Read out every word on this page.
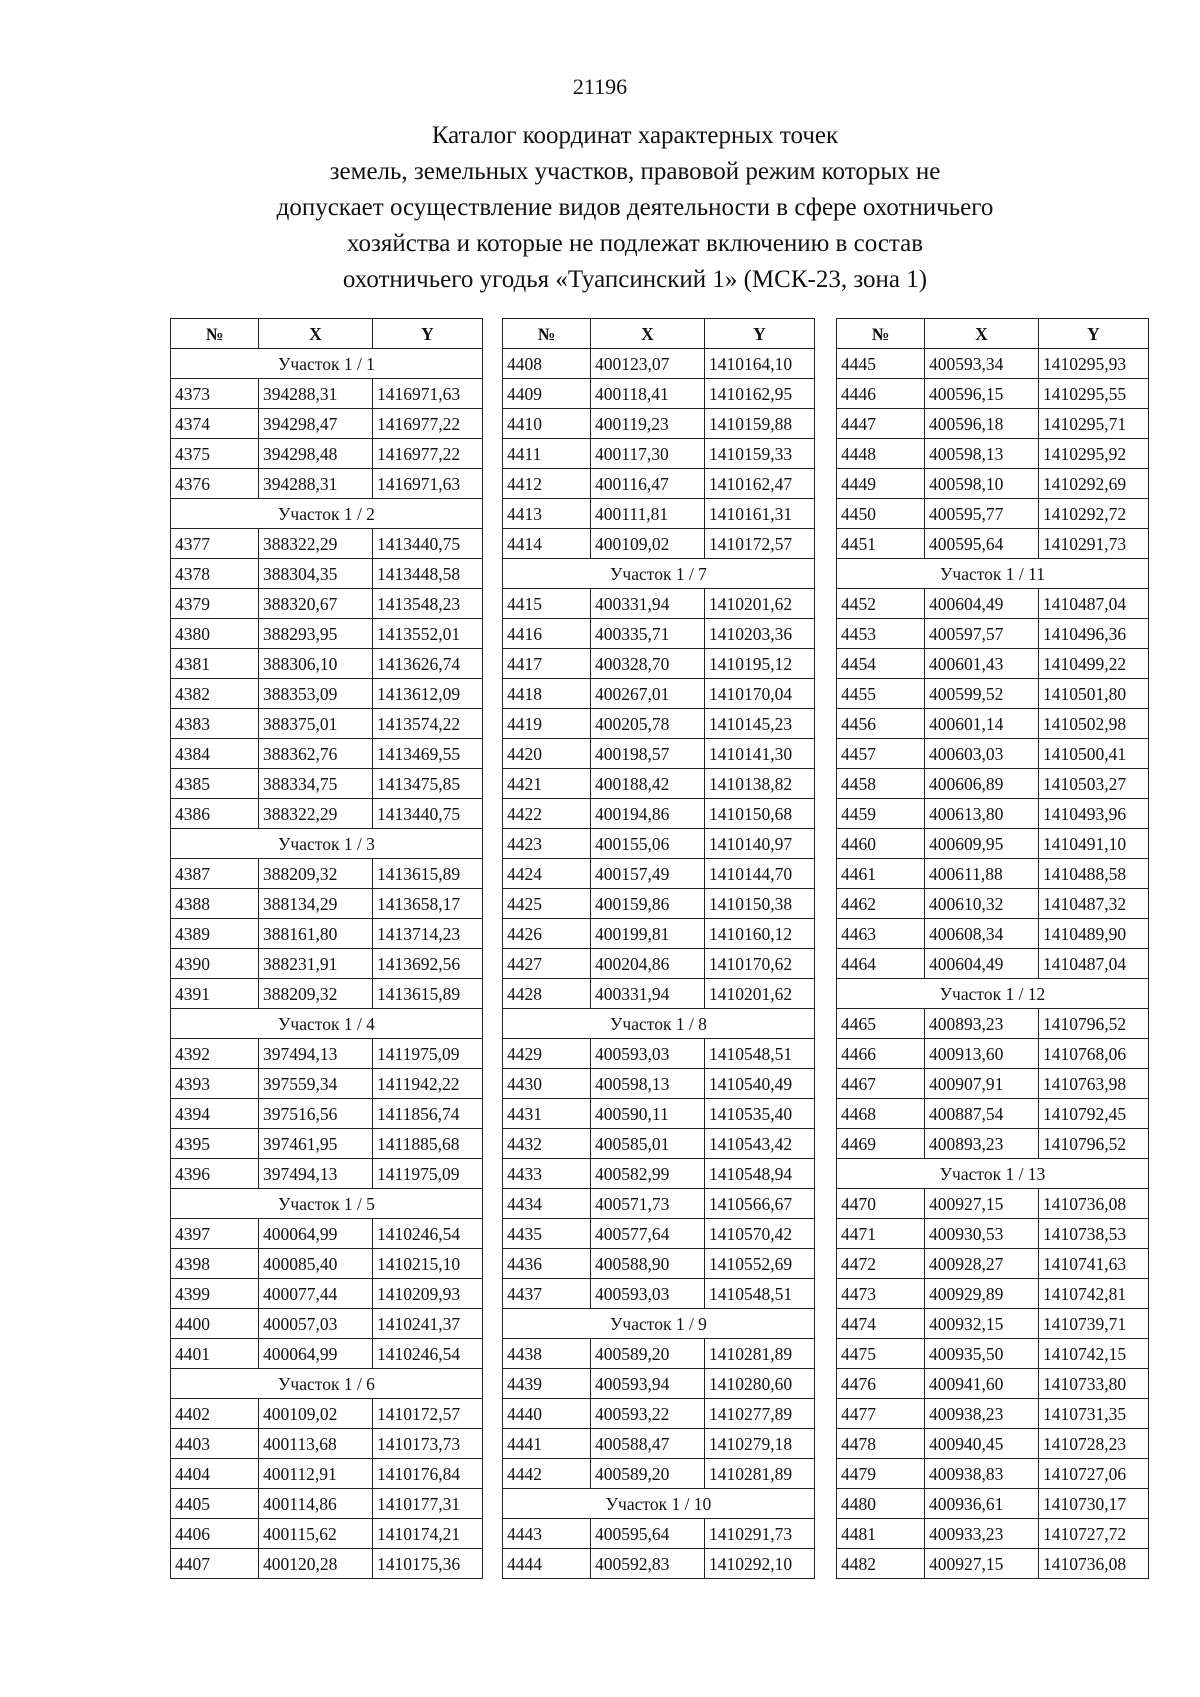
21196
Каталог координат характерных точек
земель, земельных участков, правовой режим которых не
допускает осуществление видов деятельности в сфере охотничьего
хозяйства и которые не подлежат включению в состав
охотничьего угодья «Туапсинский 1» (МСК-23, зона 1)
№	X	Y
Участок 1 / 1		
4373	394288,31	1416971,63
4374	394298,47	1416977,22
4375	394298,48	1416977,22
4376	394288,31	1416971,63
Участок 1 / 2		
4377	388322,29	1413440,75
4378	388304,35	1413448,58
4379	388320,67	1413548,23
4380	388293,95	1413552,01
4381	388306,10	1413626,74
4382	388353,09	1413612,09
4383	388375,01	1413574,22
4384	388362,76	1413469,55
4385	388334,75	1413475,85
4386	388322,29	1413440,75
Участок 1 / 3		
4387	388209,32	1413615,89
4388	388134,29	1413658,17
4389	388161,80	1413714,23
4390	388231,91	1413692,56
4391	388209,32	1413615,89
Участок 1 / 4		
4392	397494,13	1411975,09
4393	397559,34	1411942,22
4394	397516,56	1411856,74
4395	397461,95	1411885,68
4396	397494,13	1411975,09
Участок 1 / 5		
4397	400064,99	1410246,54
4398	400085,40	1410215,10
4399	400077,44	1410209,93
4400	400057,03	1410241,37
4401	400064,99	1410246,54
Участок 1 / 6		
4402	400109,02	1410172,57
4403	400113,68	1410173,73
4404	400112,91	1410176,84
4405	400114,86	1410177,31
4406	400115,62	1410174,21
4407	400120,28	1410175,36
№	X	Y
4408	400123,07	1410164,10
4409	400118,41	1410162,95
4410	400119,23	1410159,88
4411	400117,30	1410159,33
4412	400116,47	1410162,47
4413	400111,81	1410161,31
4414	400109,02	1410172,57
Участок 1 / 7		
4415	400331,94	1410201,62
4416	400335,71	1410203,36
4417	400328,70	1410195,12
4418	400267,01	1410170,04
4419	400205,78	1410145,23
4420	400198,57	1410141,30
4421	400188,42	1410138,82
4422	400194,86	1410150,68
4423	400155,06	1410140,97
4424	400157,49	1410144,70
4425	400159,86	1410150,38
4426	400199,81	1410160,12
4427	400204,86	1410170,62
4428	400331,94	1410201,62
Участок 1 / 8		
4429	400593,03	1410548,51
4430	400598,13	1410540,49
4431	400590,11	1410535,40
4432	400585,01	1410543,42
4433	400582,99	1410548,94
4434	400571,73	1410566,67
4435	400577,64	1410570,42
4436	400588,90	1410552,69
4437	400593,03	1410548,51
Участок 1 / 9		
4438	400589,20	1410281,89
4439	400593,94	1410280,60
4440	400593,22	1410277,89
4441	400588,47	1410279,18
4442	400589,20	1410281,89
Участок 1 / 10		
4443	400595,64	1410291,73
4444	400592,83	1410292,10
№	X	Y
4445	400593,34	1410295,93
4446	400596,15	1410295,55
4447	400596,18	1410295,71
4448	400598,13	1410295,92
4449	400598,10	1410292,69
4450	400595,77	1410292,72
4451	400595,64	1410291,73
Участок 1 / 11		
4452	400604,49	1410487,04
4453	400597,57	1410496,36
4454	400601,43	1410499,22
4455	400599,52	1410501,80
4456	400601,14	1410502,98
4457	400603,03	1410500,41
4458	400606,89	1410503,27
4459	400613,80	1410493,96
4460	400609,95	1410491,10
4461	400611,88	1410488,58
4462	400610,32	1410487,32
4463	400608,34	1410489,90
4464	400604,49	1410487,04
Участок 1 / 12		
4465	400893,23	1410796,52
4466	400913,60	1410768,06
4467	400907,91	1410763,98
4468	400887,54	1410792,45
4469	400893,23	1410796,52
Участок 1 / 13		
4470	400927,15	1410736,08
4471	400930,53	1410738,53
4472	400928,27	1410741,63
4473	400929,89	1410742,81
4474	400932,15	1410739,71
4475	400935,50	1410742,15
4476	400941,60	1410733,80
4477	400938,23	1410731,35
4478	400940,45	1410728,23
4479	400938,83	1410727,06
4480	400936,61	1410730,17
4481	400933,23	1410727,72
4482	400927,15	1410736,08
